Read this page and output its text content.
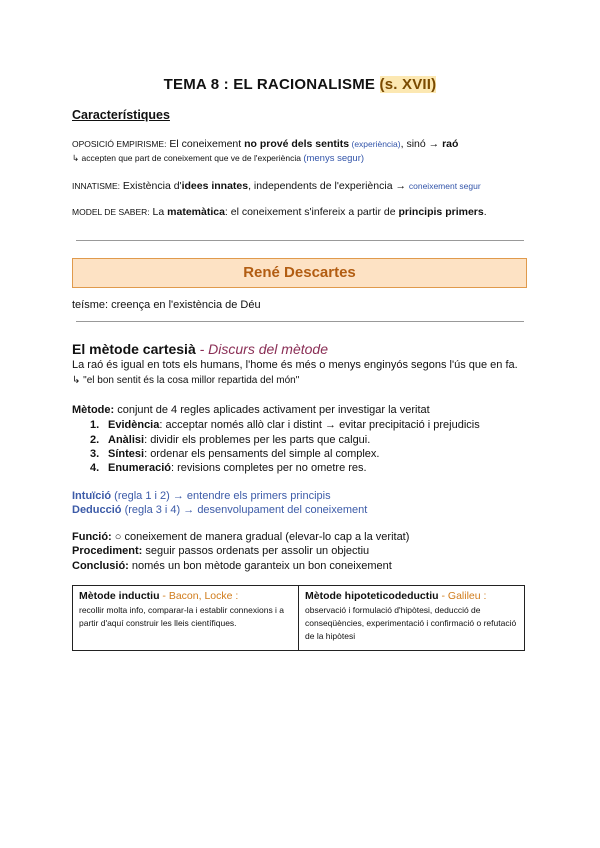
TEMA 8 : EL RACIONALISME (s. XVII)
Característiques
OPOSICIÓ EMPIRISME: El coneixement no prové dels sentits (experiència), sinó → raó
↳ accepten que part de coneixement que ve de l'experiència (menys segur)
INNATISME: Existència d'idees innates, independents de l'experiència → coneixement segur
MODEL DE SABER: La matemàtica: el coneixement s'infereix a partir de principis primers.
René Descartes
teísme: creença en l'existència de Déu
El mètode cartesià - Discurs del mètode
La raó és igual en tots els humans, l'home és més o menys enginyós segons l'ús que en fa.
↳ "el bon sentit és la cosa millor repartida del món"
Mètode: conjunt de 4 regles aplicades activament per investigar la veritat
1. Evidència: acceptar només allò clar i distint → evitar precipitació i prejudicis
2. Anàlisi: dividir els problemes per les parts que calgui.
3. Síntesi: ordenar els pensaments del simple al complex.
4. Enumeració: revisions completes per no ometre res.
Intuïció (regla 1 i 2) → entendre els primers principis
Deducció (regla 3 i 4) → desenvolupament del coneixement
Funció: ○ coneixement de manera gradual (elevar-lo cap a la veritat)
Procediment: seguir passos ordenats per assolir un objectiu
Conclusió: només un bon mètode garanteix un bon coneixement
Mètode inductiu - Bacon, Locke :
recollir molta info, comparar-la i establir connexions i a partir d'aquí construir les lleis científiques.
Mètode hipoteticodeductiu - Galileu :
observació i formulació d'hipòtesi, deducció de conseqüències, experimentació i confirmació o refutació de la hipòtesi
